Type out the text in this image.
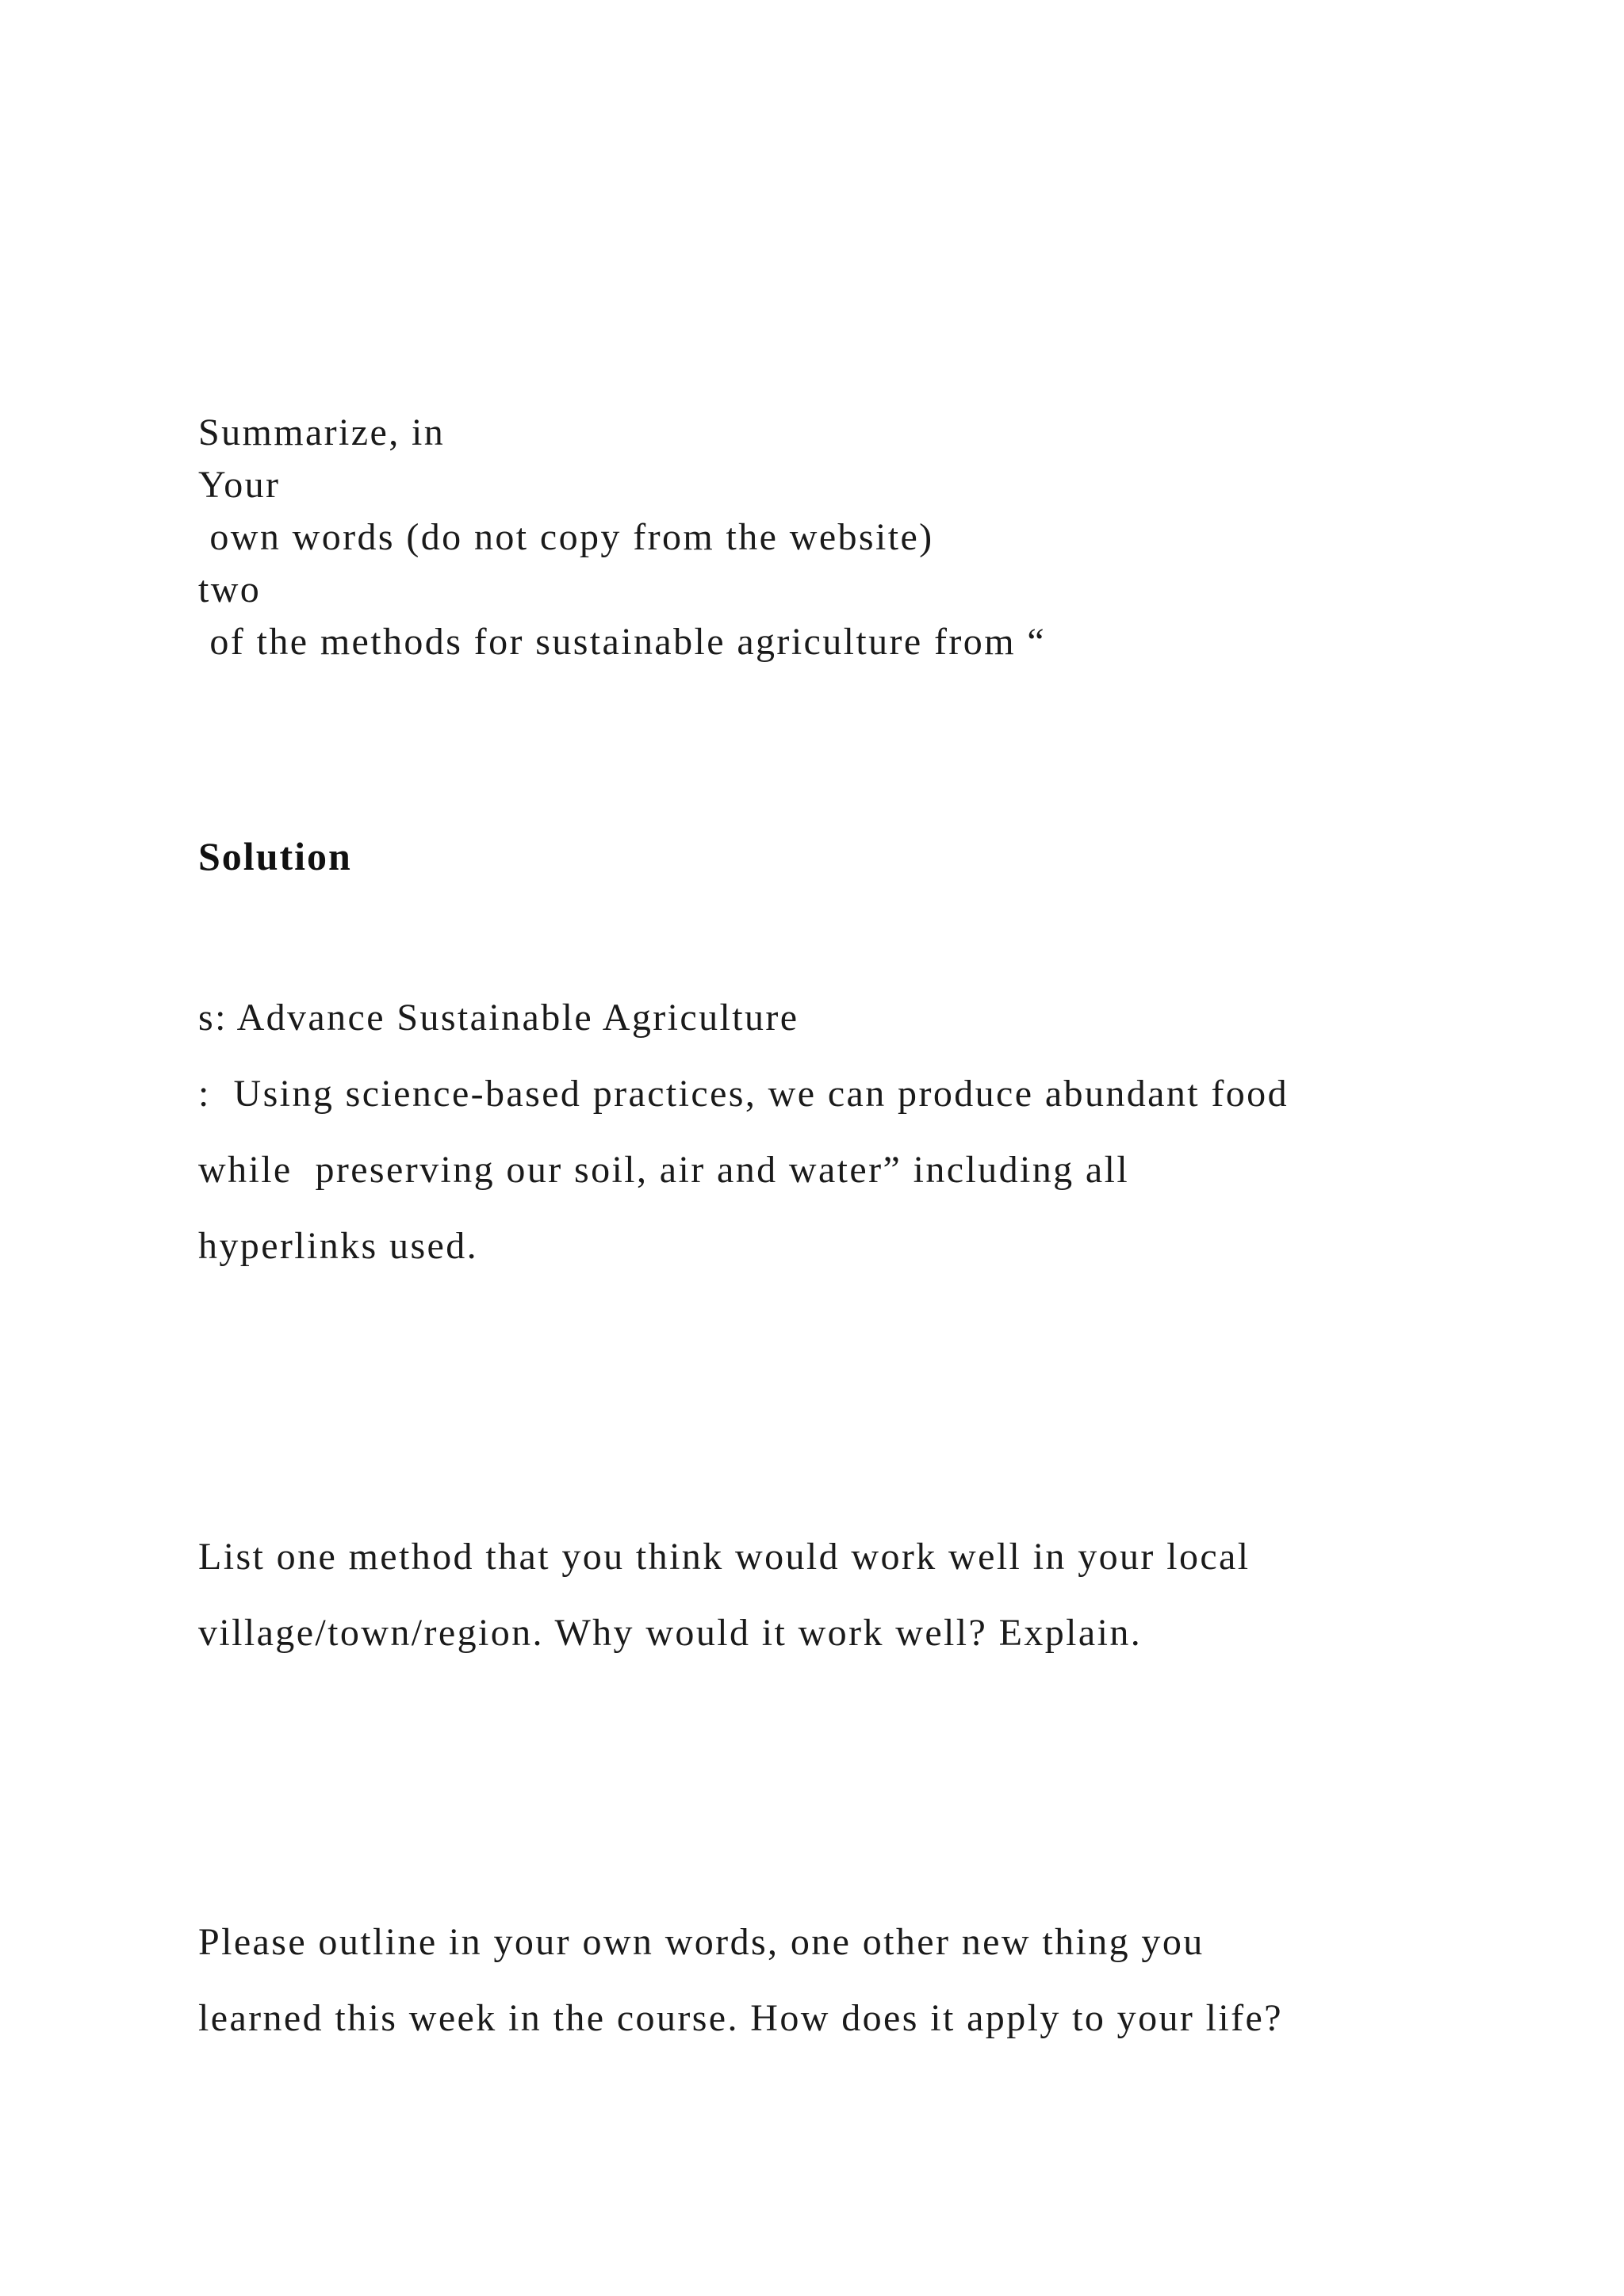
Summarize, in
Your
own words (do not copy from the website)
two
of the methods for sustainable agriculture from “
Solution
s: Advance Sustainable Agriculture
:  Using science-based practices, we can produce abundant food
while  preserving our soil, air and water” including all
hyperlinks used.
List one method that you think would work well in your local
village/town/region. Why would it work well? Explain.
Please outline in your own words, one other new thing you
learned this week in the course. How does it apply to your life?
